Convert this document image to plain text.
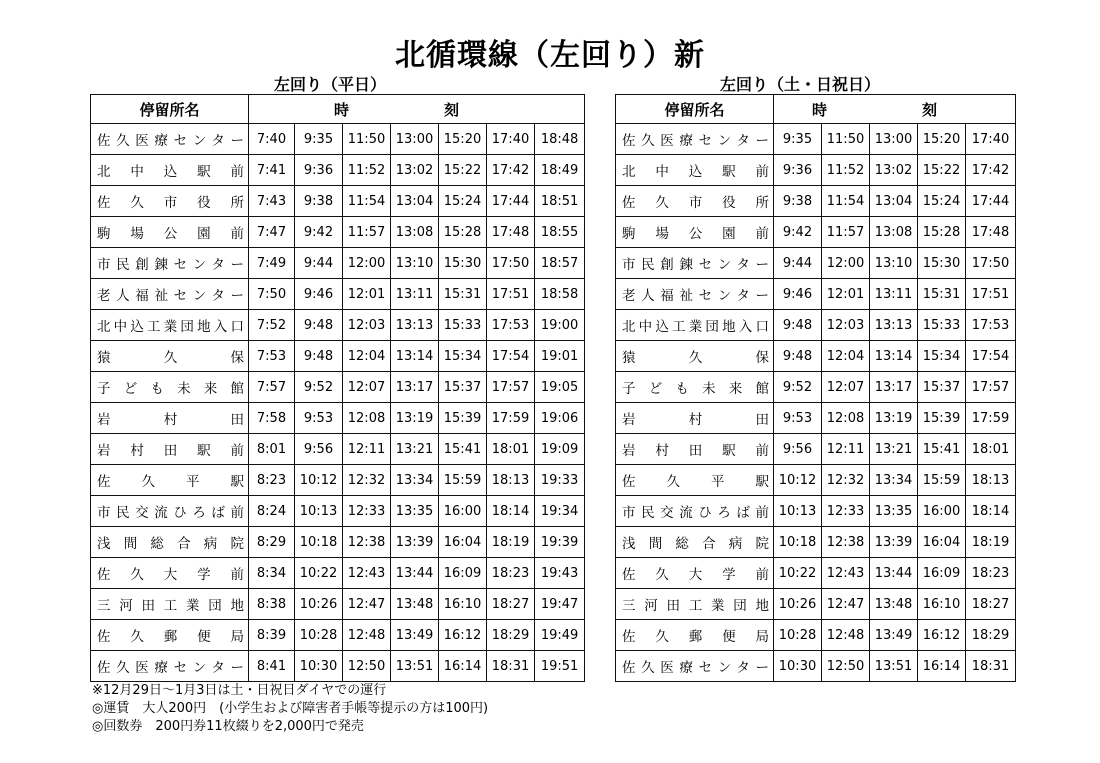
北循環線（左回り）新
左回り（平日）	左回り（土・日祝日）
停留所名	時　刻						
佐久医療センター	7:40	9:35	11:50	13:00	15:20	17:40	18:48
北中込駅前	7:41	9:36	11:52	13:02	15:22	17:42	18:49
佐久市役所	7:43	9:38	11:54	13:04	15:24	17:44	18:51
駒場公園前	7:47	9:42	11:57	13:08	15:28	17:48	18:55
市民創錬センター	7:49	9:44	12:00	13:10	15:30	17:50	18:57
老人福祉センター	7:50	9:46	12:01	13:11	15:31	17:51	18:58
北中込工業団地入口	7:52	9:48	12:03	13:13	15:33	17:53	19:00
猿久保	7:53	9:48	12:04	13:14	15:34	17:54	19:01
子ども未来館	7:57	9:52	12:07	13:17	15:37	17:57	19:05
岩村田	7:58	9:53	12:08	13:19	15:39	17:59	19:06
岩村田駅前	8:01	9:56	12:11	13:21	15:41	18:01	19:09
佐久平駅	8:23	10:12	12:32	13:34	15:59	18:13	19:33
市民交流ひろば前	8:24	10:13	12:33	13:35	16:00	18:14	19:34
浅間総合病院	8:29	10:18	12:38	13:39	16:04	18:19	19:39
佐久大学前	8:34	10:22	12:43	13:44	16:09	18:23	19:43
三河田工業団地	8:38	10:26	12:47	13:48	16:10	18:27	19:47
佐久郵便局	8:39	10:28	12:48	13:49	16:12	18:29	19:49
佐久医療センター	8:41	10:30	12:50	13:51	16:14	18:31	19:51
停留所名	時　刻				
佐久医療センター	9:35	11:50	13:00	15:20	17:40
北中込駅前	9:36	11:52	13:02	15:22	17:42
佐久市役所	9:38	11:54	13:04	15:24	17:44
駒場公園前	9:42	11:57	13:08	15:28	17:48
市民創錬センター	9:44	12:00	13:10	15:30	17:50
老人福祉センター	9:46	12:01	13:11	15:31	17:51
北中込工業団地入口	9:48	12:03	13:13	15:33	17:53
猿久保	9:48	12:04	13:14	15:34	17:54
子ども未来館	9:52	12:07	13:17	15:37	17:57
岩村田	9:53	12:08	13:19	15:39	17:59
岩村田駅前	9:56	12:11	13:21	15:41	18:01
佐久平駅	10:12	12:32	13:34	15:59	18:13
市民交流ひろば前	10:13	12:33	13:35	16:00	18:14
浅間総合病院	10:18	12:38	13:39	16:04	18:19
佐久大学前	10:22	12:43	13:44	16:09	18:23
三河田工業団地	10:26	12:47	13:48	16:10	18:27
佐久郵便局	10:28	12:48	13:49	16:12	18:29
佐久医療センター	10:30	12:50	13:51	16:14	18:31
※12月29日～1月3日は土・日祝日ダイヤでの運行
◎運賃　大人200円　(小学生および障害者手帳等提示の方は100円)
◎回数券　200円券11枚綴りを2,000円で発売
